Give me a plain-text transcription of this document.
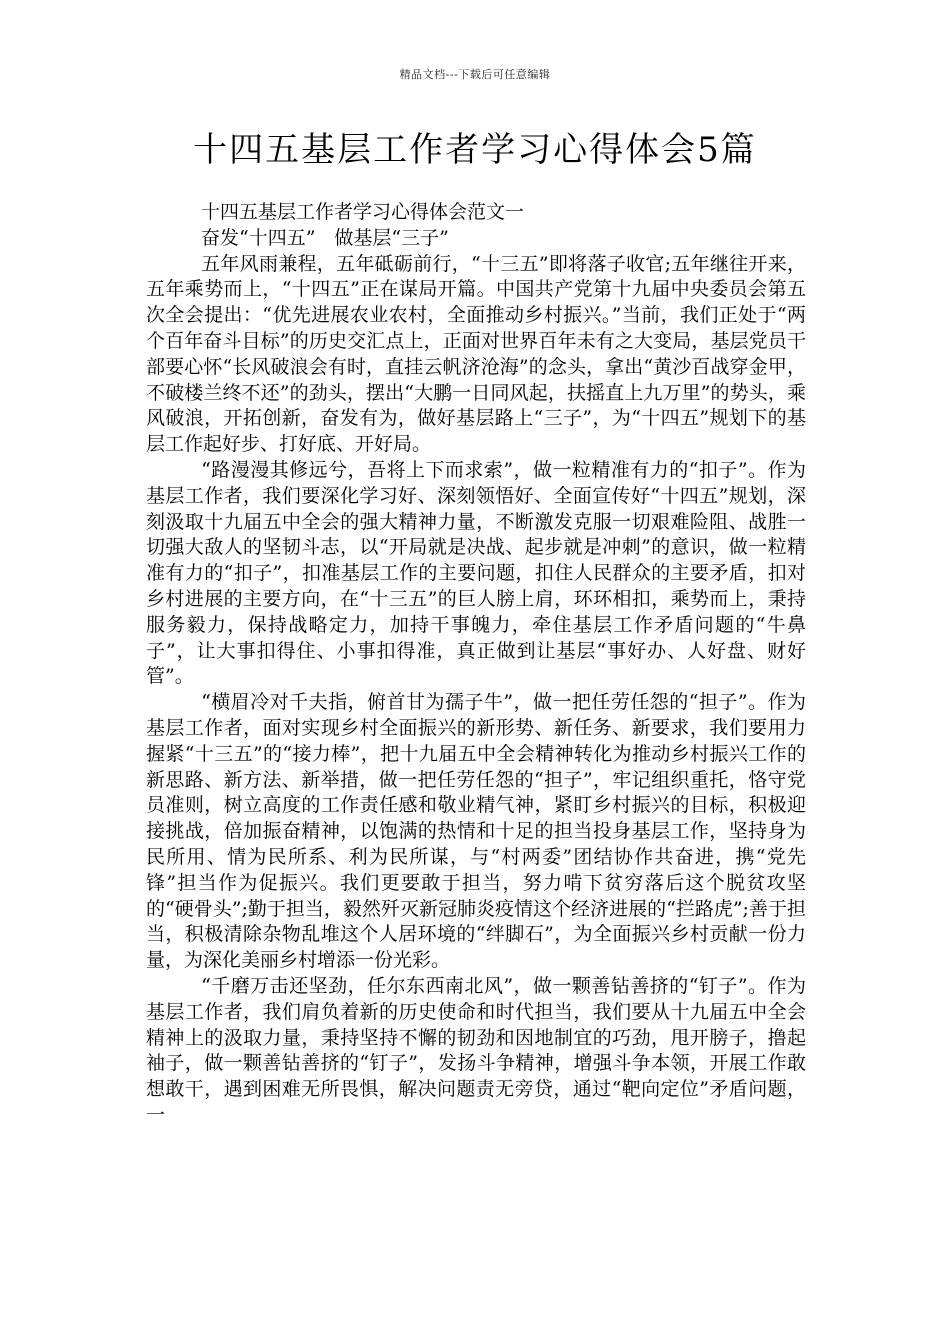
精品文档---下载后可任意编辑
十四五基层工作者学习心得体会5篇

十四五基层工作者学习心得体会范文一

奋发“十四五”　做基层“三子”

五年风雨兼程，五年砥砺前行，“十三五”即将落子收官;五年继往开来，五年乘势而上，“十四五”正在谋局开篇。中国共产党第十九届中央委员会第五次全会提出：“优先进展农业农村，全面推动乡村振兴。”当前，我们正处于“两个百年奋斗目标”的历史交汇点上，正面对世界百年未有之大变局，基层党员干部要心怀“长风破浪会有时，直挂云帆济沧海”的念头，拿出“黄沙百战穿金甲，不破楼兰终不还”的劲头，摆出“大鹏一日同风起，扶摇直上九万里”的势头，乘风破浪，开拓创新，奋发有为，做好基层路上“三子”，为“十四五”规划下的基层工作起好步、打好底、开好局。

“路漫漫其修远兮，吾将上下而求索”，做一粒精准有力的“扣子”。作为基层工作者，我们要深化学习好、深刻领悟好、全面宣传好“十四五”规划，深刻汲取十九届五中全会的强大精神力量，不断激发克服一切艰难险阻、战胜一切强大敌人的坚韧斗志，以“开局就是决战、起步就是冲刺”的意识，做一粒精准有力的“扣子”，扣准基层工作的主要问题，扣住人民群众的主要矛盾，扣对乡村进展的主要方向，在“十三五”的巨人膀上肩，环环相扣，乘势而上，秉持服务毅力，保持战略定力，加持干事魄力，牵住基层工作矛盾问题的“牛鼻子”，让大事扣得住、小事扣得准，真正做到让基层“事好办、人好盘、财好管”。

“横眉冷对千夫指，俯首甘为孺子牛”，做一把任劳任怨的“担子”。作为基层工作者，面对实现乡村全面振兴的新形势、新任务、新要求，我们要用力握紧“十三五”的“接力棒”，把十九届五中全会精神转化为推动乡村振兴工作的新思路、新方法、新举措，做一把任劳任怨的“担子”，牢记组织重托，恪守党员准则，树立高度的工作责任感和敬业精气神，紧盯乡村振兴的目标，积极迎接挑战，倍加振奋精神，以饱满的热情和十足的担当投身基层工作，坚持身为民所用、情为民所系、利为民所谋，与“村两委”团结协作共奋进，携“党先锋”担当作为促振兴。我们更要敢于担当，努力啃下贫穷落后这个脱贫攻坚的“硬骨头”;勤于担当，毅然歼灭新冠肺炎疫情这个经济进展的“拦路虎”;善于担当，积极清除杂物乱堆这个人居环境的“绊脚石”，为全面振兴乡村贡献一份力量，为深化美丽乡村增添一份光彩。

“千磨万击还坚劲，任尔东西南北风”，做一颗善钻善挤的“钉子”。作为基层工作者，我们肩负着新的历史使命和时代担当，我们要从十九届五中全会精神上的汲取力量，秉持坚持不懈的韧劲和因地制宜的巧劲，甩开膀子，撸起袖子，做一颗善钻善挤的“钉子”，发扬斗争精神，增强斗争本领，开展工作敢想敢干，遇到困难无所畏惧，解决问题责无旁贷，通过“靶向定位”矛盾问题，一
